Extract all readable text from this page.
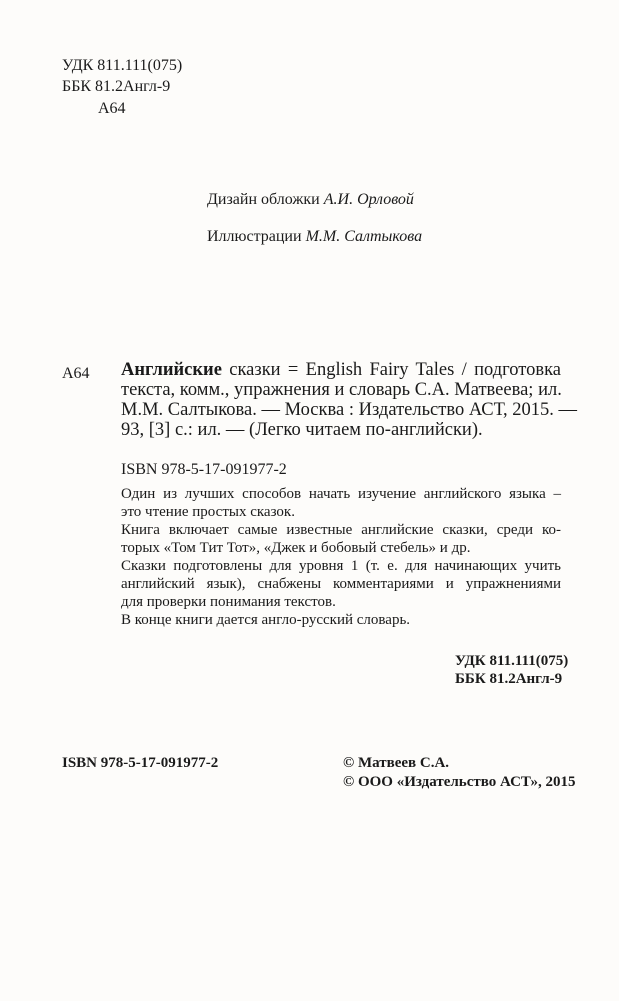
УДК 811.111(075)
ББК 81.2Англ-9
А64
Дизайн обложки А.И. Орловой
Иллюстрации М.М. Салтыкова
А64 Английские сказки = English Fairy Tales / подготовка
текста, комм., упражнения и словарь С.А. Матвеева; ил.
М.М. Салтыкова. — Москва : Издательство АСТ, 2015. —
93, [3] с.: ил. — (Легко читаем по-английски).
ISBN 978-5-17-091977-2
Один из лучших способов начать изучение английского языка –
это чтение простых сказок.
Книга включает самые известные английские сказки, среди ко-
торых «Том Тит Тот», «Джек и бобовый стебель» и др.
Сказки подготовлены для уровня 1 (т. е. для начинающих учить
английский язык), снабжены комментариями и упражнениями
для проверки понимания текстов.
В конце книги дается англо-русский словарь.
УДК 811.111(075)
ББК 81.2Англ-9
ISBN 978-5-17-091977-2	© Матвеев С.А.
© ООО «Издательство АСТ», 2015
